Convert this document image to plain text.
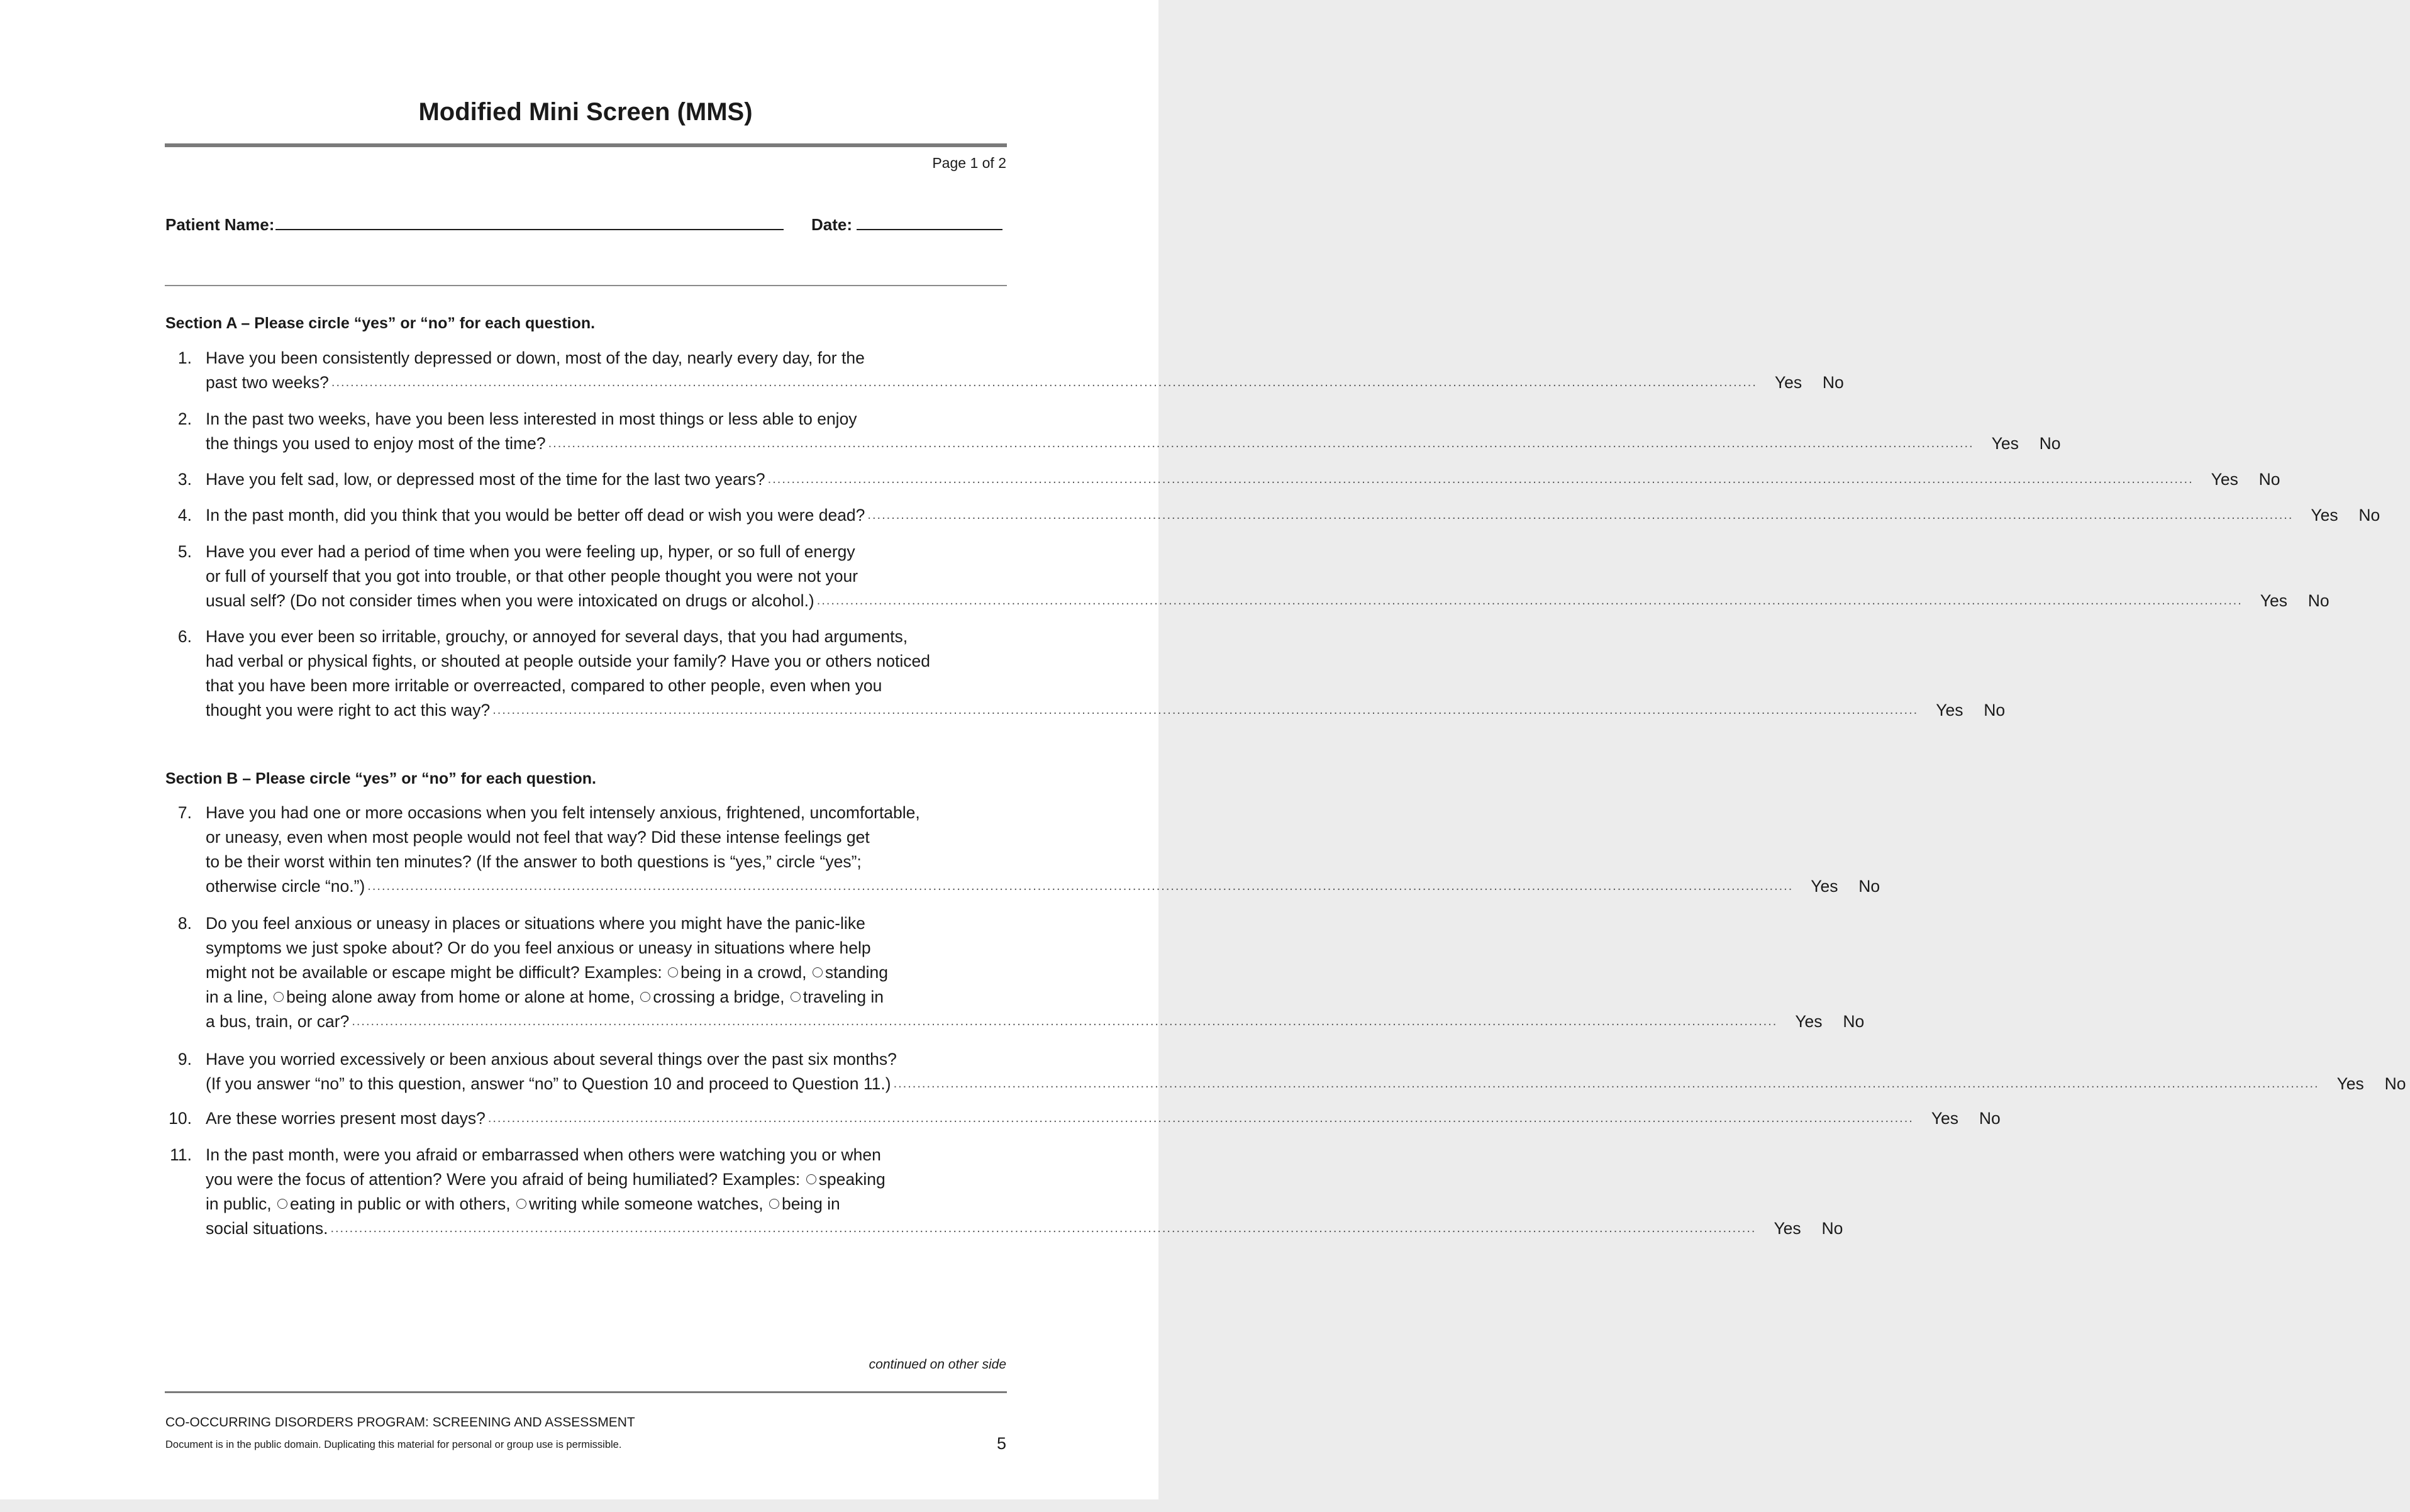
Modified Mini Screen (MMS)
Page 1 of 2
Patient Name:	Date:
Section A – Please circle “yes” or “no” for each question.
1. Have you been consistently depressed or down, most of the day, nearly every day, for the
past two weeks? ............................................................................................................................................................................................................................................................................................................	Yes	No
2. In the past two weeks, have you been less interested in most things or less able to enjoy
the things you used to enjoy most of the time? ............................................................................................................................................................................................................................................................................................................	Yes	No
3. Have you felt sad, low, or depressed most of the time for the last two years? ............................................................................................................................................................................................................................................................................................................	Yes	No
4. In the past month, did you think that you would be better off dead or wish you were dead? ............................................................................................................................................................................................................................................................................................................	Yes	No
5. Have you ever had a period of time when you were feeling up, hyper, or so full of energy
or full of yourself that you got into trouble, or that other people thought you were not your
usual self? (Do not consider times when you were intoxicated on drugs or alcohol.) ............................................................................................................................................................................................................................................................................................................	Yes	No
6. Have you ever been so irritable, grouchy, or annoyed for several days, that you had arguments,
had verbal or physical fights, or shouted at people outside your family? Have you or others noticed
that you have been more irritable or overreacted, compared to other people, even when you
thought you were right to act this way? ............................................................................................................................................................................................................................................................................................................	Yes	No
Section B – Please circle “yes” or “no” for each question.
7. Have you had one or more occasions when you felt intensely anxious, frightened, uncomfortable,
or uneasy, even when most people would not feel that way? Did these intense feelings get
to be their worst within ten minutes? (If the answer to both questions is “yes,” circle “yes”;
otherwise circle “no.”) ............................................................................................................................................................................................................................................................................................................	Yes	No
8. Do you feel anxious or uneasy in places or situations where you might have the panic-like
symptoms we just spoke about? Or do you feel anxious or uneasy in situations where help
might not be available or escape might be difficult? Examples: being in a crowd, standing
in a line, being alone away from home or alone at home, crossing a bridge, traveling in
a bus, train, or car? ............................................................................................................................................................................................................................................................................................................	Yes	No
9. Have you worried excessively or been anxious about several things over the past six months?
(If you answer “no” to this question, answer “no” to Question 10 and proceed to Question 11.) ............................................................................................................................................................................................................................................................................................................	Yes	No
10. Are these worries present most days? ............................................................................................................................................................................................................................................................................................................	Yes	No
11. In the past month, were you afraid or embarrassed when others were watching you or when
you were the focus of attention? Were you afraid of being humiliated? Examples: speaking
in public, eating in public or with others, writing while someone watches, being in
social situations. ............................................................................................................................................................................................................................................................................................................	Yes	No
continued on other side
CO-OCCURRING DISORDERS PROGRAM: SCREENING AND ASSESSMENT
Document is in the public domain. Duplicating this material for personal or group use is permissible.	5
